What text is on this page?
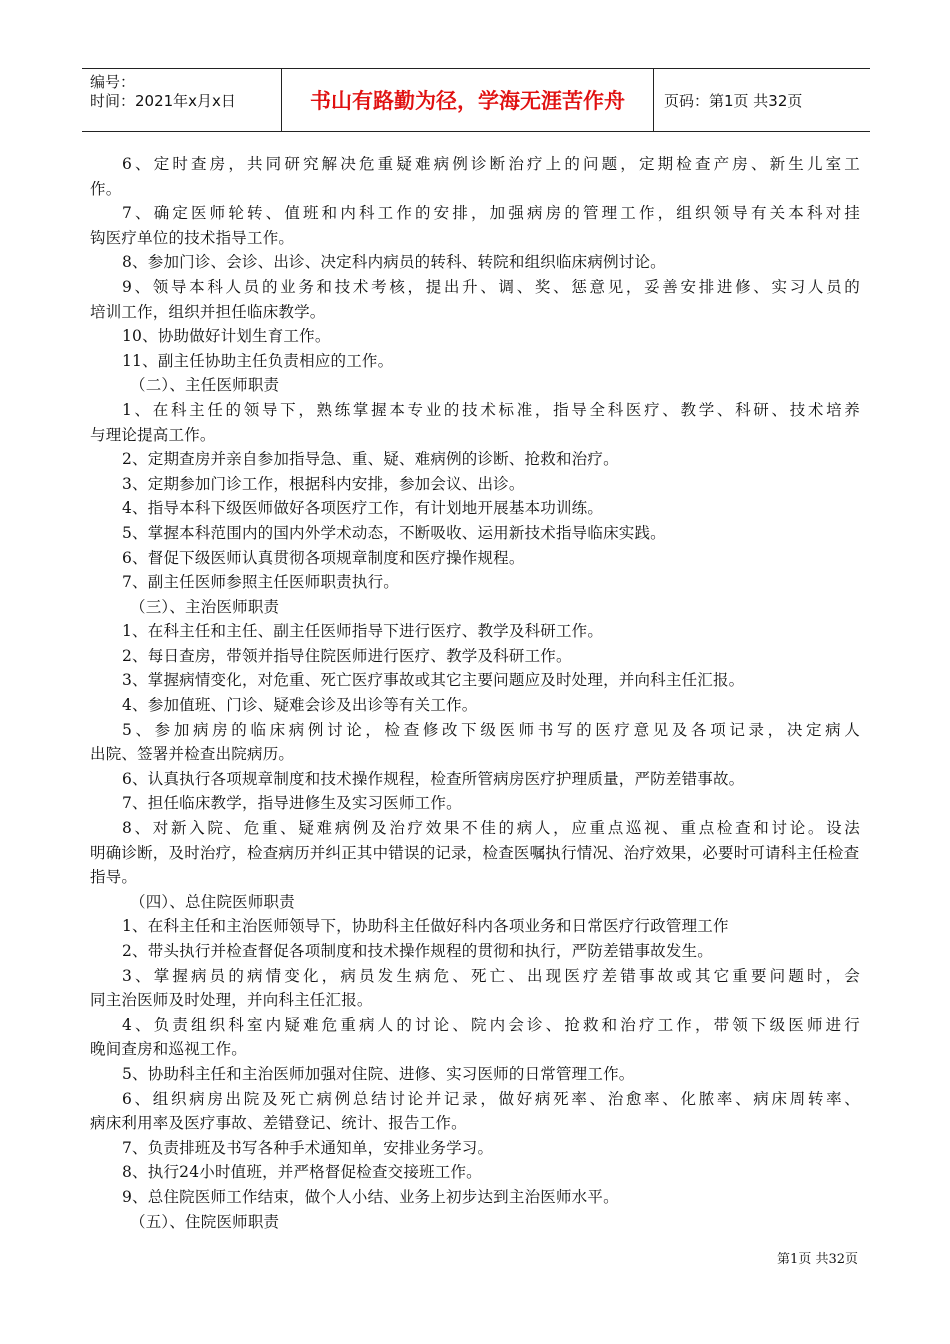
编号：
时间：2021年x月x日	书山有路勤为径，学海无涯苦作舟	页码：第1页 共32页
6、定时查房，共同研究解决危重疑难病例诊断治疗上的问题，定期检查产房、新生儿室工
作。
7、确定医师轮转、值班和内科工作的安排，加强病房的管理工作，组织领导有关本科对挂
钩医疗单位的技术指导工作。
8、参加门诊、会诊、出诊、决定科内病员的转科、转院和组织临床病例讨论。
9、领导本科人员的业务和技术考核，提出升、调、奖、惩意见，妥善安排进修、实习人员的
培训工作，组织并担任临床教学。
10、协助做好计划生育工作。
11、副主任协助主任负责相应的工作。
（二）、主任医师职责
1、在科主任的领导下，熟练掌握本专业的技术标准，指导全科医疗、教学、科研、技术培养
与理论提高工作。
2、定期查房并亲自参加指导急、重、疑、难病例的诊断、抢救和治疗。
3、定期参加门诊工作，根据科内安排，参加会议、出诊。
4、指导本科下级医师做好各项医疗工作，有计划地开展基本功训练。
5、掌握本科范围内的国内外学术动态，不断吸收、运用新技术指导临床实践。
6、督促下级医师认真贯彻各项规章制度和医疗操作规程。
7、副主任医师参照主任医师职责执行。
（三）、主治医师职责
1、在科主任和主任、副主任医师指导下进行医疗、教学及科研工作。
2、每日查房，带领并指导住院医师进行医疗、教学及科研工作。
3、掌握病情变化，对危重、死亡医疗事故或其它主要问题应及时处理，并向科主任汇报。
4、参加值班、门诊、疑难会诊及出诊等有关工作。
5、参加病房的临床病例讨论，检查修改下级医师书写的医疗意见及各项记录，决定病人
出院、签署并检查出院病历。
6、认真执行各项规章制度和技术操作规程，检查所管病房医疗护理质量，严防差错事故。
7、担任临床教学，指导进修生及实习医师工作。
8、对新入院、危重、疑难病例及治疗效果不佳的病人，应重点巡视、重点检查和讨论。设法
明确诊断，及时治疗，检查病历并纠正其中错误的记录，检查医嘱执行情况、治疗效果，必要时可请科主任检查指导。
（四）、总住院医师职责
1、在科主任和主治医师领导下，协助科主任做好科内各项业务和日常医疗行政管理工作
2、带头执行并检查督促各项制度和技术操作规程的贯彻和执行，严防差错事故发生。
3、掌握病员的病情变化，病员发生病危、死亡、出现医疗差错事故或其它重要问题时，会
同主治医师及时处理，并向科主任汇报。
4、负责组织科室内疑难危重病人的讨论、院内会诊、抢救和治疗工作，带领下级医师进行
晚间查房和巡视工作。
5、协助科主任和主治医师加强对住院、进修、实习医师的日常管理工作。
6、组织病房出院及死亡病例总结讨论并记录，做好病死率、治愈率、化脓率、病床周转率、
病床利用率及医疗事故、差错登记、统计、报告工作。
7、负责排班及书写各种手术通知单，安排业务学习。
8、执行24小时值班，并严格督促检查交接班工作。
9、总住院医师工作结束，做个人小结、业务上初步达到主治医师水平。
（五）、住院医师职责
第1页 共32页
